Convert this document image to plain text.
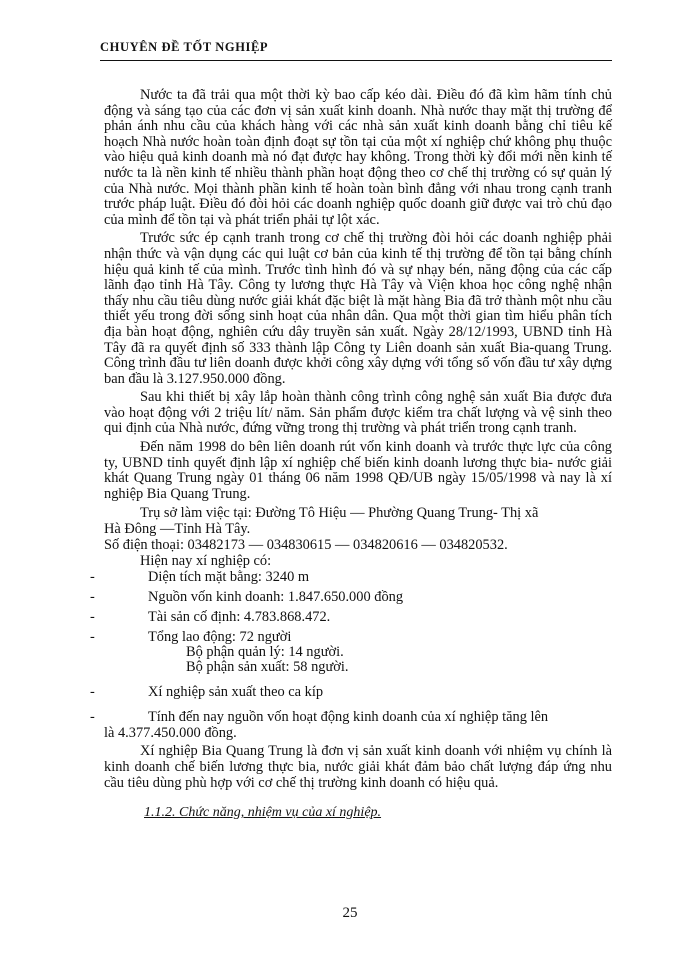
CHUYÊN ĐỀ TỐT NGHIỆP

Nước ta đã trải qua một thời kỳ bao cấp kéo dài. Điều đó đã kìm hãm tính chủ động và sáng tạo của các đơn vị sản xuất kinh doanh. Nhà nước thay mặt thị trường để phản ánh nhu cầu của khách hàng với các nhà sản xuất kinh doanh bằng chỉ tiêu kế hoạch Nhà nước hoàn toàn định đoạt sự tồn tại của một xí nghiệp chứ không phụ thuộc vào hiệu quả kinh doanh mà nó đạt được hay không. Trong thời kỳ đổi mới nền kinh tế nước ta là nền kinh tế nhiều thành phần hoạt động theo cơ chế thị trường có sự quản lý của Nhà nước. Mọi thành phần kinh tế hoàn toàn bình đẳng với nhau trong cạnh tranh trước pháp luật. Điều đó đòi hỏi các doanh nghiệp quốc doanh giữ được vai trò chủ đạo của mình để tồn tại và phát triển phải tự lột xác.

Trước sức ép cạnh tranh trong cơ chế thị trường đòi hỏi các doanh nghiệp phải nhận thức và vận dụng các qui luật cơ bản của kinh tế thị trường để tồn tại bằng chính hiệu quả kinh tế của mình. Trước tình hình đó và sự nhạy bén, năng động của các cấp lãnh đạo tỉnh Hà Tây. Công ty lương thực Hà Tây và Viện khoa học công nghệ nhận thấy nhu cầu tiêu dùng nước giải khát đặc biệt là mặt hàng Bia đã trở thành một nhu cầu thiết yếu trong đời sống sinh hoạt của nhân dân. Qua một thời gian tìm hiểu phân tích địa bàn hoạt động, nghiên cứu dây truyền sản xuất. Ngày 28/12/1993, UBND tỉnh Hà Tây đã ra quyết định số 333 thành lập Công ty Liên doanh sản xuất Bia-quang Trung. Công trình đầu tư liên doanh được khởi công xây dựng với tổng số vốn đầu tư xây dựng ban đầu là 3.127.950.000 đồng.

Sau khi thiết bị xây lắp hoàn thành công trình công nghệ sản xuất Bia được đưa vào hoạt động với 2 triệu lít/ năm. Sản phẩm được kiểm tra chất lượng và vệ sinh theo qui định của Nhà nước, đứng vững trong thị trường và phát triển trong cạnh tranh.

Đến năm 1998 do bên liên doanh rút vốn kinh doanh và trước thực lực của công ty, UBND tỉnh quyết định lập xí nghiệp chế biến kinh doanh lương thực bia- nước giải khát Quang Trung ngày 01 tháng 06 năm 1998 QĐ/UB ngày 15/05/1998 và nay là xí nghiệp Bia Quang Trung.

Trụ sở làm việc tại: Đường Tô Hiệu — Phường Quang Trung- Thị xã
Hà Đông —Tỉnh Hà Tây.
Số điện thoại: 03482173 — 034830615 — 034820616 — 034820532.
Hiện nay xí nghiệp có:
-	Diện tích mặt bằng: 3240 m
-	Nguồn vốn kinh doanh: 1.847.650.000 đồng
-	Tài sản cố định: 4.783.868.472.
-	Tổng lao động: 72 người
Bộ phận quản lý: 14 người.
Bộ phận sản xuất: 58 người.
-	Xí nghiệp sản xuất theo ca kíp
-	Tính đến nay nguồn vốn hoạt động kinh doanh của xí nghiệp tăng lên
là 4.377.450.000 đồng.

Xí nghiệp Bia Quang Trung là đơn vị sản xuất kinh doanh với nhiệm vụ chính là kinh doanh chế biến lương thực bia, nước giải khát đảm bảo chất lượng đáp ứng nhu cầu tiêu dùng phù hợp với cơ chế thị trường kinh doanh có hiệu quả.

1.1.2. Chức năng, nhiệm vụ của xí nghiệp.
25
